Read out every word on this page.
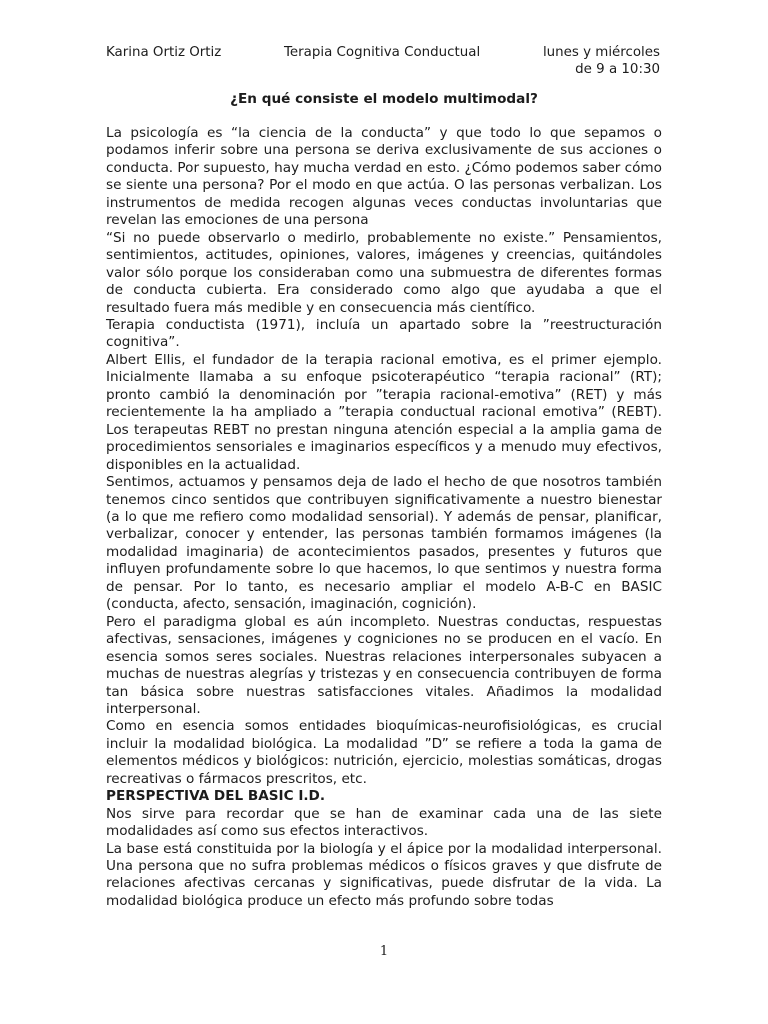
Karina Ortiz Ortiz	Terapia Cognitiva Conductual	lunes y miércoles
de 9 a 10:30
¿En qué consiste el modelo multimodal?

La psicología es “la ciencia de la conducta” y que todo lo que sepamos o podamos inferir sobre una persona se deriva exclusivamente de sus acciones o conducta. Por supuesto, hay mucha verdad en esto. ¿Cómo podemos saber cómo se siente una persona? Por el modo en que actúa. O las personas verbalizan. Los instrumentos de medida recogen algunas veces conductas involuntarias que revelan las emociones de una persona

“Si no puede observarlo o medirlo, probablemente no existe.” Pensamientos, sentimientos, actitudes, opiniones, valores, imágenes y creencias, quitándoles valor sólo porque los consideraban como una submuestra de diferentes formas de conducta cubierta. Era considerado como algo que ayudaba a que el resultado fuera más medible y en consecuencia más científico.

Terapia conductista (1971), incluía un apartado sobre la ”reestructuración cognitiva”.

Albert Ellis, el fundador de la terapia racional emotiva, es el primer ejemplo. Inicialmente llamaba a su enfoque psicoterapéutico “terapia racional” (RT); pronto cambió la denominación por ”terapia racional-emotiva” (RET) y más recientemente la ha ampliado a ”terapia conductual racional emotiva” (REBT). Los terapeutas REBT no prestan ninguna atención especial a la amplia gama de procedimientos sensoriales e imaginarios específicos y a menudo muy efectivos, disponibles en la actualidad.

Sentimos, actuamos y pensamos deja de lado el hecho de que nosotros también tenemos cinco sentidos que contribuyen significativamente a nuestro bienestar (a lo que me refiero como modalidad sensorial). Y además de pensar, planificar, verbalizar, conocer y entender, las personas también formamos imágenes (la modalidad imaginaria) de acontecimientos pasados, presentes y futuros que influyen profundamente sobre lo que hacemos, lo que sentimos y nuestra forma de pensar. Por lo tanto, es necesario ampliar el modelo A-B-C en BASIC (conducta, afecto, sensación, imaginación, cognición).

Pero el paradigma global es aún incompleto. Nuestras conductas, respuestas afectivas, sensaciones, imágenes y cogniciones no se producen en el vacío. En esencia somos seres sociales. Nuestras relaciones interpersonales subyacen a muchas de nuestras alegrías y tristezas y en consecuencia contribuyen de forma tan básica sobre nuestras satisfacciones vitales. Añadimos la modalidad interpersonal.

Como en esencia somos entidades bioquímicas-neurofisiológicas, es crucial incluir la modalidad biológica. La modalidad ”D” se refiere a toda la gama de elementos médicos y biológicos: nutrición, ejercicio, molestias somáticas, drogas recreativas o fármacos prescritos, etc.

PERSPECTIVA DEL BASIC I.D.

Nos sirve para recordar que se han de examinar cada una de las siete modalidades así como sus efectos interactivos.

La base está constituida por la biología y el ápice por la modalidad interpersonal. Una persona que no sufra problemas médicos o físicos graves y que disfrute de relaciones afectivas cercanas y significativas, puede disfrutar de la vida. La modalidad biológica produce un efecto más profundo sobre todas

1
